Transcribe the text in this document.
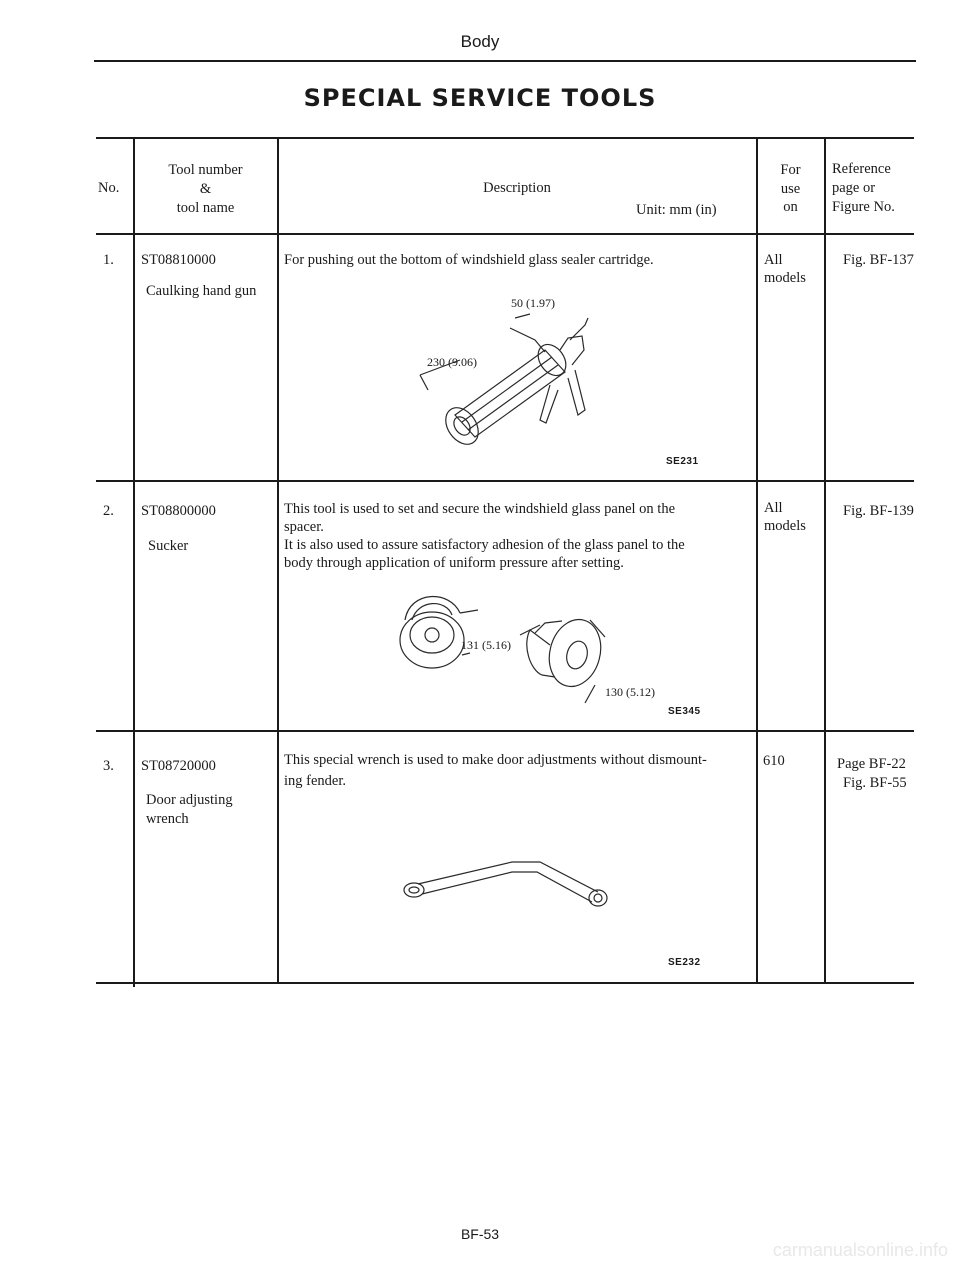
Body
SPECIAL SERVICE TOOLS
No.
Tool number
&
tool name
Description
Unit: mm (in)
For
use
on
Reference
page or
Figure No.
1. ST08810000
Caulking hand gun
For pushing out the bottom of windshield glass sealer cartridge.	All
models
Fig. BF-137
50 (1.97)
230 (9.06)
SE231
2. ST08800000
Sucker
This tool is used to set and secure the windshield glass panel on the
spacer.
It is also used to assure satisfactory adhesion of the glass panel to the
body through application of uniform pressure after setting.
All
models
Fig. BF-139
131 (5.16)
130 (5.12)
SE345
3. ST08720000
Door adjusting
wrench
This special wrench is used to make door adjustments without dismount-
ing fender.
610	Page BF-22
Fig. BF-55
SE232
BF-53
carmanualsonline.info
